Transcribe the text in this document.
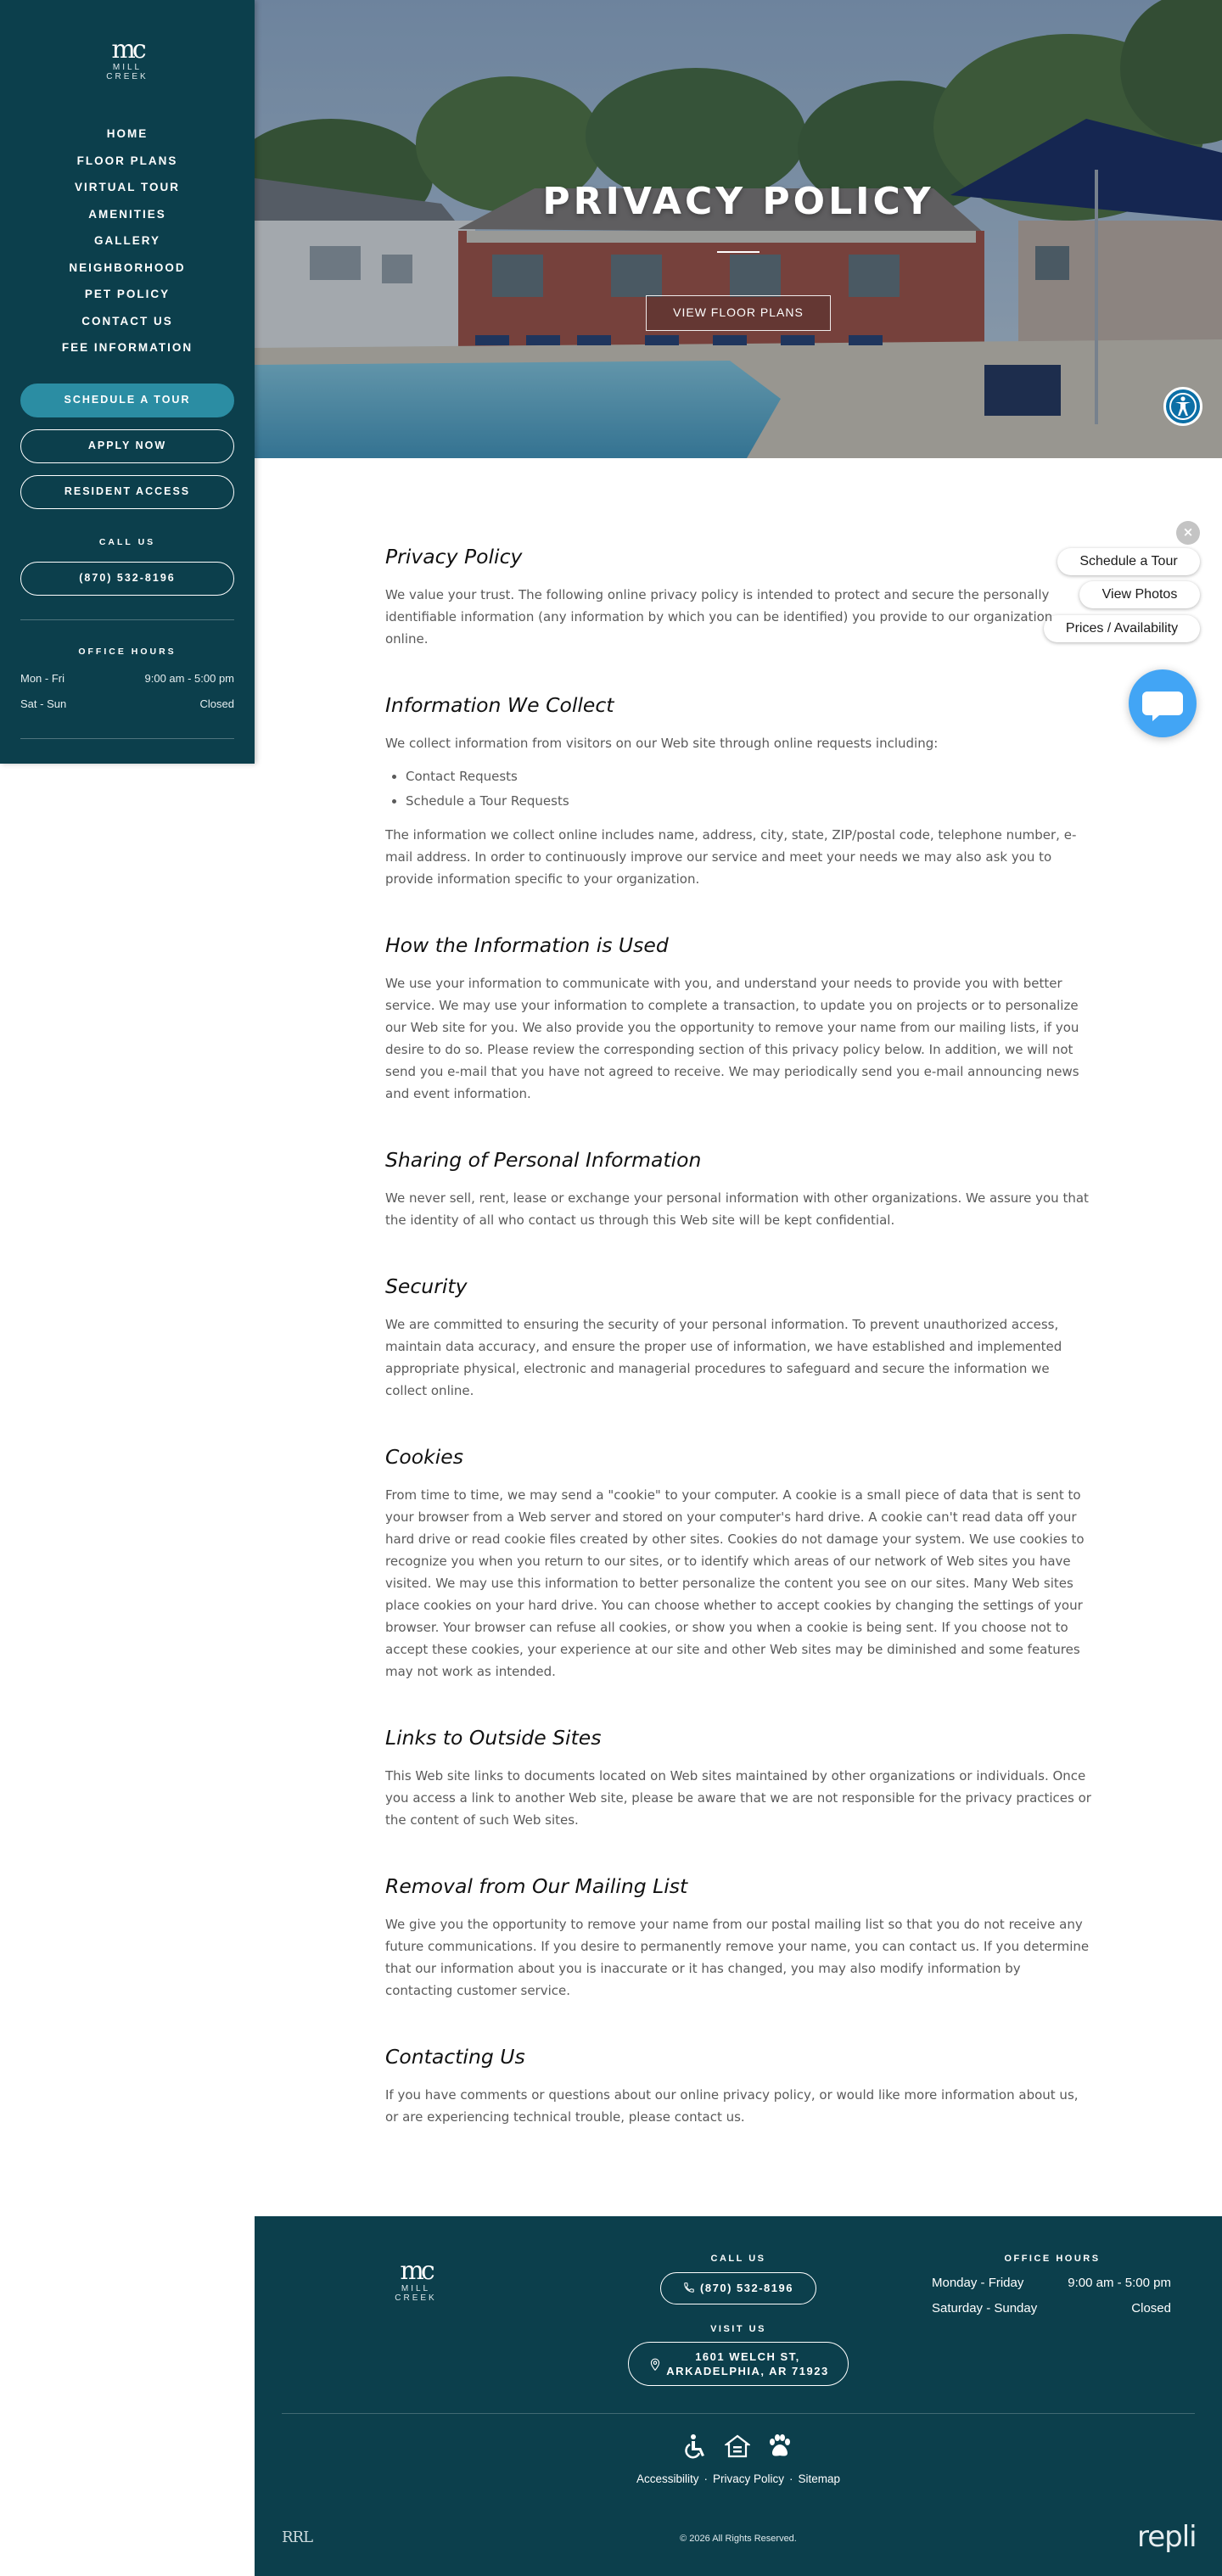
mc
MILL
CREEK
HOME
FLOOR PLANS
VIRTUAL TOUR
AMENITIES
GALLERY
NEIGHBORHOOD
PET POLICY
CONTACT US
FEE INFORMATION
SCHEDULE A TOUR
APPLY NOW
RESIDENT ACCESS
CALL US
(870) 532-8196
OFFICE HOURS
Mon - Fri	9:00 am - 5:00 pm
Sat - Sun	Closed
PRIVACY POLICY
VIEW FLOOR PLANS
×
Schedule a Tour
View Photos
Prices / Availability
Privacy Policy

We value your trust. The following online privacy policy is intended to protect and secure the personally identifiable information (any information by which you can be identified) you provide to our organization online.

Information We Collect

We collect information from visitors on our Web site through online requests including:

• Contact Requests
• Schedule a Tour Requests

The information we collect online includes name, address, city, state, ZIP/postal code, telephone number, e-mail address. In order to continuously improve our service and meet your needs we may also ask you to provide information specific to your organization.

How the Information is Used

We use your information to communicate with you, and understand your needs to provide you with better service. We may use your information to complete a transaction, to update you on projects or to personalize our Web site for you. We also provide you the opportunity to remove your name from our mailing lists, if you desire to do so. Please review the corresponding section of this privacy policy below. In addition, we will not send you e-mail that you have not agreed to receive. We may periodically send you e-mail announcing news and event information.

Sharing of Personal Information

We never sell, rent, lease or exchange your personal information with other organizations. We assure you that the identity of all who contact us through this Web site will be kept confidential.

Security

We are committed to ensuring the security of your personal information. To prevent unauthorized access, maintain data accuracy, and ensure the proper use of information, we have established and implemented appropriate physical, electronic and managerial procedures to safeguard and secure the information we collect online.

Cookies

From time to time, we may send a "cookie" to your computer. A cookie is a small piece of data that is sent to your browser from a Web server and stored on your computer's hard drive. A cookie can't read data off your hard drive or read cookie files created by other sites. Cookies do not damage your system. We use cookies to recognize you when you return to our sites, or to identify which areas of our network of Web sites you have visited. We may use this information to better personalize the content you see on our sites. Many Web sites place cookies on your hard drive. You can choose whether to accept cookies by changing the settings of your browser. Your browser can refuse all cookies, or show you when a cookie is being sent. If you choose not to accept these cookies, your experience at our site and other Web sites may be diminished and some features may not work as intended.

Links to Outside Sites

This Web site links to documents located on Web sites maintained by other organizations or individuals. Once you access a link to another Web site, please be aware that we are not responsible for the privacy practices or the content of such Web sites.

Removal from Our Mailing List

We give you the opportunity to remove your name from our postal mailing list so that you do not receive any future communications. If you desire to permanently remove your name, you can contact us. If you determine that our information about you is inaccurate or it has changed, you may also modify information by contacting customer service.

Contacting Us

If you have comments or questions about our online privacy policy, or would like more information about us, or are experiencing technical trouble, please contact us.

mc
MILL
CREEK
CALL US
(870) 532-8196
VISIT US
1601 WELCH ST,
ARKADELPHIA, AR 71923
OFFICE HOURS
Monday - Friday	9:00 am - 5:00 pm
Saturday - Sunday	Closed
Accessibility · Privacy Policy · Sitemap
RRL	© 2026 All Rights Reserved.	repli
